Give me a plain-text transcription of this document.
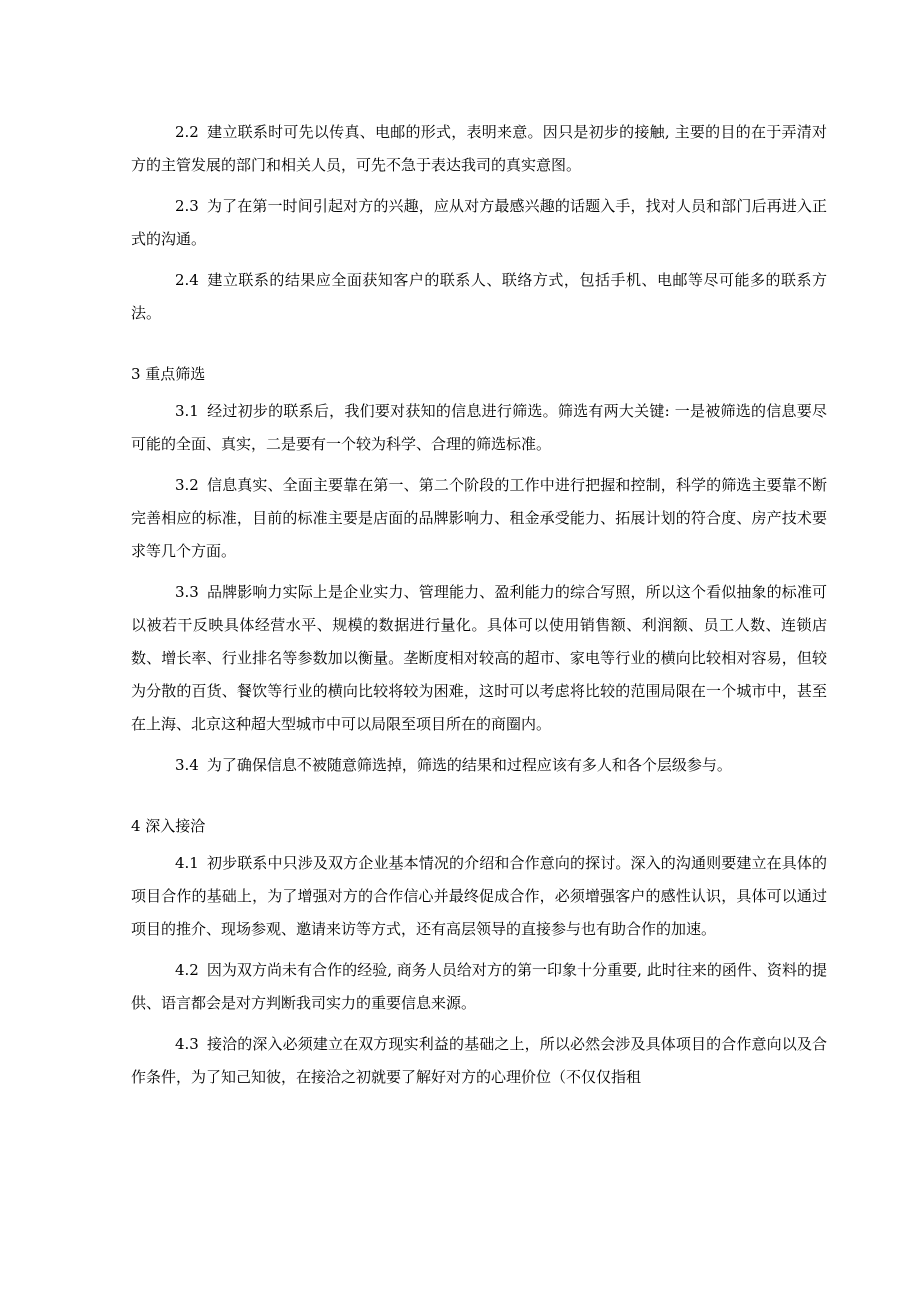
2.2 建立联系时可先以传真、电邮的形式，表明来意。因只是初步的接触, 主要的目的在于弄清对方的主管发展的部门和相关人员，可先不急于表达我司的真实意图。

2.3 为了在第一时间引起对方的兴趣，应从对方最感兴趣的话题入手，找对人员和部门后再进入正式的沟通。

2.4 建立联系的结果应全面获知客户的联系人、联络方式，包括手机、电邮等尽可能多的联系方法。

3 重点筛选

3.1 经过初步的联系后，我们要对获知的信息进行筛选。筛选有两大关键: 一是被筛选的信息要尽可能的全面、真实，二是要有一个较为科学、合理的筛选标准。

3.2 信息真实、全面主要靠在第一、第二个阶段的工作中进行把握和控制，科学的筛选主要靠不断完善相应的标准，目前的标准主要是店面的品牌影响力、租金承受能力、拓展计划的符合度、房产技术要求等几个方面。

3.3 品牌影响力实际上是企业实力、管理能力、盈利能力的综合写照，所以这个看似抽象的标准可以被若干反映具体经营水平、规模的数据进行量化。具体可以使用销售额、利润额、员工人数、连锁店数、增长率、行业排名等参数加以衡量。垄断度相对较高的超市、家电等行业的横向比较相对容易，但较为分散的百货、餐饮等行业的横向比较将较为困难，这时可以考虑将比较的范围局限在一个城市中，甚至在上海、北京这种超大型城市中可以局限至项目所在的商圈内。

3.4 为了确保信息不被随意筛选掉，筛选的结果和过程应该有多人和各个层级参与。

4 深入接洽

4.1 初步联系中只涉及双方企业基本情况的介绍和合作意向的探讨。深入的沟通则要建立在具体的项目合作的基础上，为了增强对方的合作信心并最终促成合作，必须增强客户的感性认识，具体可以通过项目的推介、现场参观、邀请来访等方式，还有高层领导的直接参与也有助合作的加速。

4.2 因为双方尚未有合作的经验, 商务人员给对方的第一印象十分重要, 此时往来的函件、资料的提供、语言都会是对方判断我司实力的重要信息来源。

4.3 接洽的深入必须建立在双方现实利益的基础之上，所以必然会涉及具体项目的合作意向以及合作条件，为了知己知彼，在接洽之初就要了解好对方的心理价位（不仅仅指租
